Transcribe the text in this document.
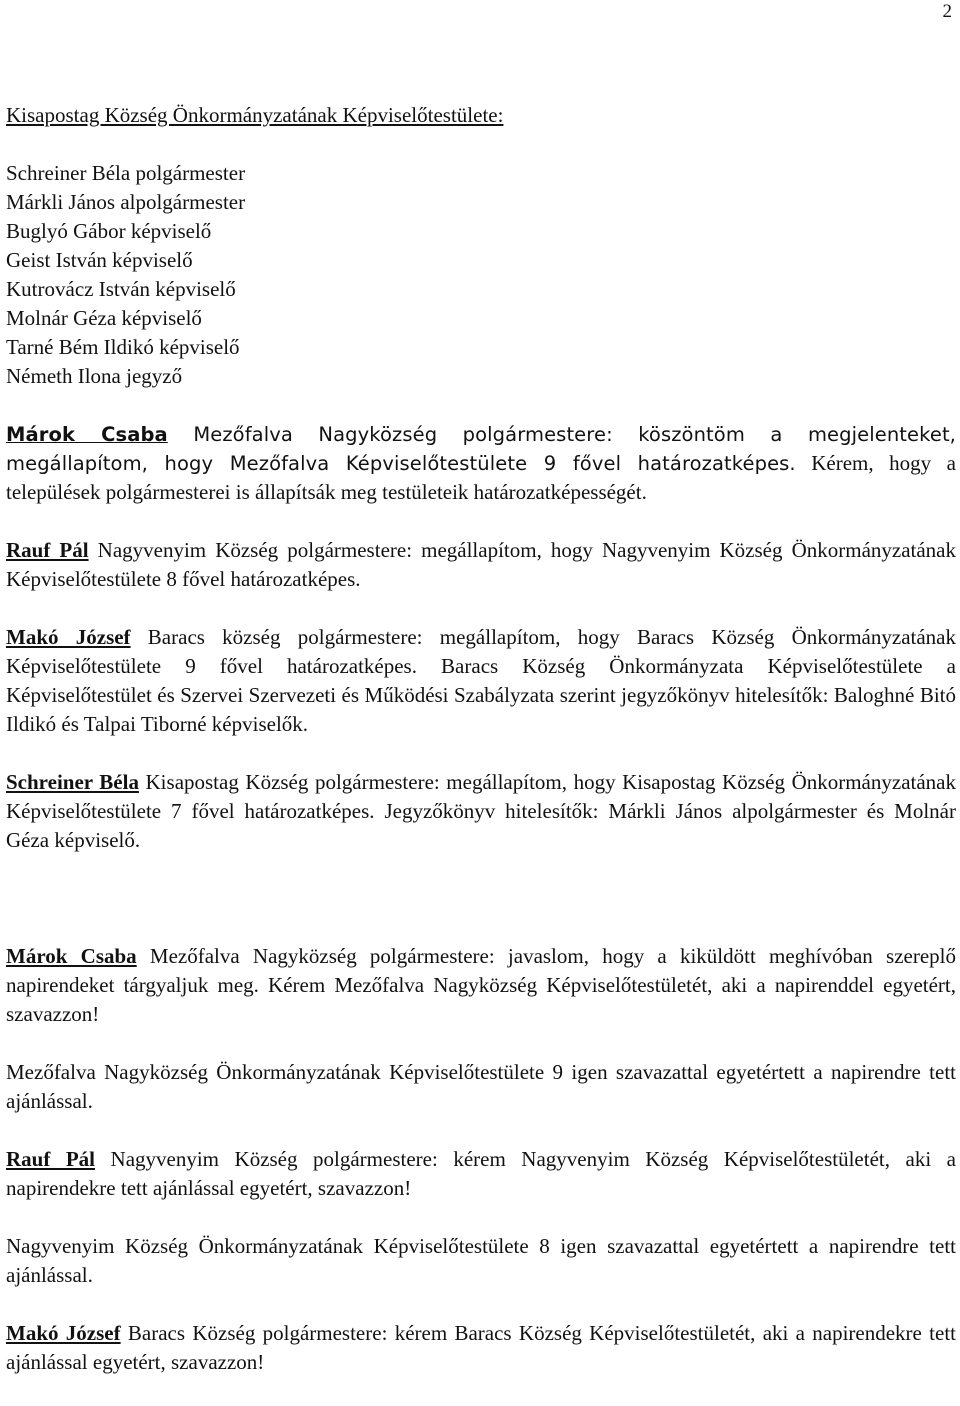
2
Kisapostag Község Önkormányzatának Képviselőtestülete:
Schreiner Béla polgármester
Márkli János alpolgármester
Buglyó Gábor képviselő
Geist István képviselő
Kutrovácz István képviselő
Molnár Géza képviselő
Tarné Bém Ildikó képviselő
Németh Ilona jegyző

Márok Csaba Mezőfalva Nagyközség polgármestere: köszöntöm a megjelenteket, megállapítom, hogy Mezőfalva Képviselőtestülete 9 fővel határozatképes. Kérem, hogy a települések polgármesterei is állapítsák meg testületeik határozatképességét.

Rauf Pál Nagyvenyim Község polgármestere: megállapítom, hogy Nagyvenyim Község Önkormányzatának Képviselőtestülete 8 fővel határozatképes.

Makó József Baracs község polgármestere: megállapítom, hogy Baracs Község Önkormányzatának Képviselőtestülete 9 fővel határozatképes. Baracs Község Önkormányzata Képviselőtestülete a Képviselőtestület és Szervei Szervezeti és Működési Szabályzata szerint jegyzőkönyv hitelesítők: Baloghné Bitó Ildikó és Talpai Tiborné képviselők.

Schreiner Béla Kisapostag Község polgármestere: megállapítom, hogy Kisapostag Község Önkormányzatának Képviselőtestülete 7 fővel határozatképes. Jegyzőkönyv hitelesítők: Márkli János alpolgármester és Molnár Géza képviselő.

Márok Csaba Mezőfalva Nagyközség polgármestere: javaslom, hogy a kiküldött meghívóban szereplő napirendeket tárgyaljuk meg. Kérem Mezőfalva Nagyközség Képviselőtestületét, aki a napirenddel egyetért, szavazzon!

Mezőfalva Nagyközség Önkormányzatának Képviselőtestülete 9 igen szavazattal egyetértett a napirendre tett ajánlással.

Rauf Pál Nagyvenyim Község polgármestere: kérem Nagyvenyim Község Képviselőtestületét, aki a napirendekre tett ajánlással egyetért, szavazzon!

Nagyvenyim Község Önkormányzatának Képviselőtestülete 8 igen szavazattal egyetértett a napirendre tett ajánlással.

Makó József Baracs Község polgármestere: kérem Baracs Község Képviselőtestületét, aki a napirendekre tett ajánlással egyetért, szavazzon!
